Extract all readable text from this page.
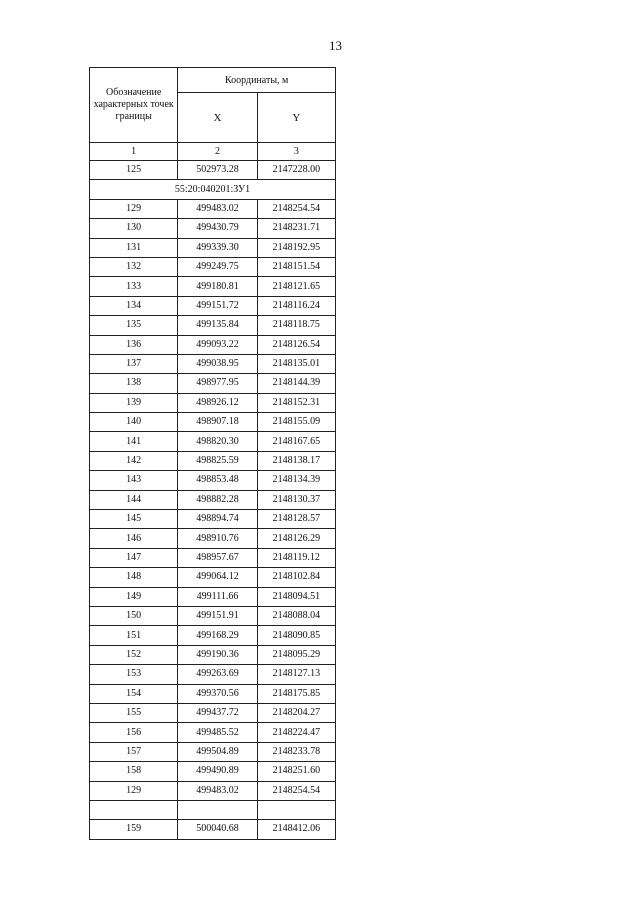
13
Обозначение характерных точек границы	Координаты, м	
	X	Y
1	2	3
125	502973.28	2147228.00
55:20:040201:ЗУ1		
129	499483.02	2148254.54
130	499430.79	2148231.71
131	499339.30	2148192.95
132	499249.75	2148151.54
133	499180.81	2148121.65
134	499151.72	2148116.24
135	499135.84	2148118.75
136	499093.22	2148126.54
137	499038.95	2148135.01
138	498977.95	2148144.39
139	498926.12	2148152.31
140	498907.18	2148155.09
141	498820.30	2148167.65
142	498825.59	2148138.17
143	498853.48	2148134.39
144	498882.28	2148130.37
145	498894.74	2148128.57
146	498910.76	2148126.29
147	498957.67	2148119.12
148	499064.12	2148102.84
149	499111.66	2148094.51
150	499151.91	2148088.04
151	499168.29	2148090.85
152	499190.36	2148095.29
153	499263.69	2148127.13
154	499370.56	2148175.85
155	499437.72	2148204.27
156	499485.52	2148224.47
157	499504.89	2148233.78
158	499490.89	2148251.60
129	499483.02	2148254.54

159	500040.68	2148412.06
